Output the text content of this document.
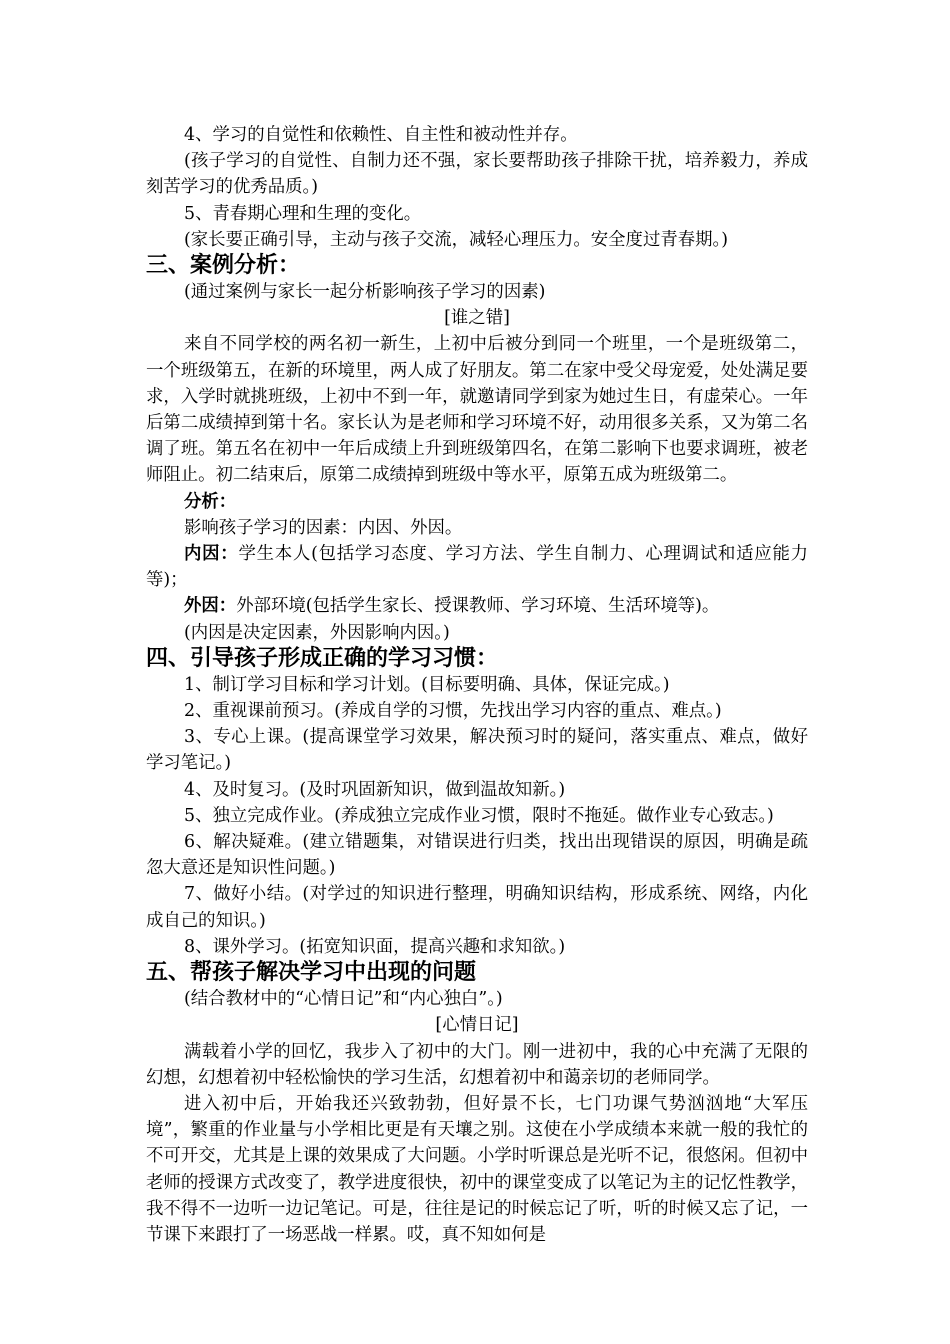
4、学习的自觉性和依赖性、自主性和被动性并存。

(孩子学习的自觉性、自制力还不强，家长要帮助孩子排除干扰，培养毅力，养成刻苦学习的优秀品质。)

5、青春期心理和生理的变化。

(家长要正确引导，主动与孩子交流，减轻心理压力。安全度过青春期。)

三、案例分析：

(通过案例与家长一起分析影响孩子学习的因素)

[谁之错]

来自不同学校的两名初一新生，上初中后被分到同一个班里，一个是班级第二，一个班级第五，在新的环境里，两人成了好朋友。第二在家中受父母宠爱，处处满足要求，入学时就挑班级，上初中不到一年，就邀请同学到家为她过生日，有虚荣心。一年后第二成绩掉到第十名。家长认为是老师和学习环境不好，动用很多关系，又为第二名调了班。第五名在初中一年后成绩上升到班级第四名，在第二影响下也要求调班，被老师阻止。初二结束后，原第二成绩掉到班级中等水平，原第五成为班级第二。

分析：

影响孩子学习的因素：内因、外因。

内因：学生本人(包括学习态度、学习方法、学生自制力、心理调试和适应能力等)；

外因：外部环境(包括学生家长、授课教师、学习环境、生活环境等)。

(内因是决定因素，外因影响内因。)

四、引导孩子形成正确的学习习惯：

1、制订学习目标和学习计划。(目标要明确、具体，保证完成。)

2、重视课前预习。(养成自学的习惯，先找出学习内容的重点、难点。)

3、专心上课。(提高课堂学习效果，解决预习时的疑问，落实重点、难点，做好学习笔记。)

4、及时复习。(及时巩固新知识，做到温故知新。)

5、独立完成作业。(养成独立完成作业习惯，限时不拖延。做作业专心致志。)

6、解决疑难。(建立错题集，对错误进行归类，找出出现错误的原因，明确是疏忽大意还是知识性问题。)

7、做好小结。(对学过的知识进行整理，明确知识结构，形成系统、网络，内化成自己的知识。)

8、课外学习。(拓宽知识面，提高兴趣和求知欲。)

五、帮孩子解决学习中出现的问题

(结合教材中的“心情日记”和“内心独白”。)

[心情日记]

满载着小学的回忆，我步入了初中的大门。刚一进初中，我的心中充满了无限的幻想，幻想着初中轻松愉快的学习生活，幻想着初中和蔼亲切的老师同学。

进入初中后，开始我还兴致勃勃，但好景不长，七门功课气势汹汹地“大军压境”，繁重的作业量与小学相比更是有天壤之别。这使在小学成绩本来就一般的我忙的不可开交，尤其是上课的效果成了大问题。小学时听课总是光听不记，很悠闲。但初中老师的授课方式改变了，教学进度很快，初中的课堂变成了以笔记为主的记忆性教学，我不得不一边听一边记笔记。可是，往往是记的时候忘记了听，听的时候又忘了记，一节课下来跟打了一场恶战一样累。哎，真不知如何是
